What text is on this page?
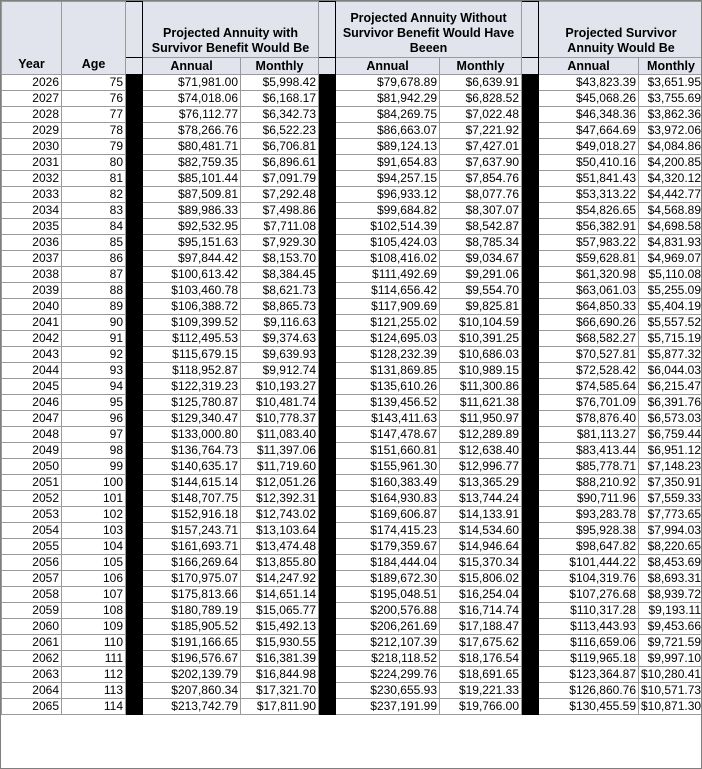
Year	Age		Projected Annuity with Survivor Benefit Would Be			Projected Annuity Without Survivor Benefit Would Have Beeen			Projected Survivor Annuity Would Be	
			Annual	Monthly		Annual	Monthly		Annual	Monthly
2026	75		$71,981.00	$5,998.42		$79,678.89	$6,639.91		$43,823.39	$3,651.95
2027	76		$74,018.06	$6,168.17		$81,942.29	$6,828.52		$45,068.26	$3,755.69
2028	77		$76,112.77	$6,342.73		$84,269.75	$7,022.48		$46,348.36	$3,862.36
2029	78		$78,266.76	$6,522.23		$86,663.07	$7,221.92		$47,664.69	$3,972.06
2030	79		$80,481.71	$6,706.81		$89,124.13	$7,427.01		$49,018.27	$4,084.86
2031	80		$82,759.35	$6,896.61		$91,654.83	$7,637.90		$50,410.16	$4,200.85
2032	81		$85,101.44	$7,091.79		$94,257.15	$7,854.76		$51,841.43	$4,320.12
2033	82		$87,509.81	$7,292.48		$96,933.12	$8,077.76		$53,313.22	$4,442.77
2034	83		$89,986.33	$7,498.86		$99,684.82	$8,307.07		$54,826.65	$4,568.89
2035	84		$92,532.95	$7,711.08		$102,514.39	$8,542.87		$56,382.91	$4,698.58
2036	85		$95,151.63	$7,929.30		$105,424.03	$8,785.34		$57,983.22	$4,831.93
2037	86		$97,844.42	$8,153.70		$108,416.02	$9,034.67		$59,628.81	$4,969.07
2038	87		$100,613.42	$8,384.45		$111,492.69	$9,291.06		$61,320.98	$5,110.08
2039	88		$103,460.78	$8,621.73		$114,656.42	$9,554.70		$63,061.03	$5,255.09
2040	89		$106,388.72	$8,865.73		$117,909.69	$9,825.81		$64,850.33	$5,404.19
2041	90		$109,399.52	$9,116.63		$121,255.02	$10,104.59		$66,690.26	$5,557.52
2042	91		$112,495.53	$9,374.63		$124,695.03	$10,391.25		$68,582.27	$5,715.19
2043	92		$115,679.15	$9,639.93		$128,232.39	$10,686.03		$70,527.81	$5,877.32
2044	93		$118,952.87	$9,912.74		$131,869.85	$10,989.15		$72,528.42	$6,044.03
2045	94		$122,319.23	$10,193.27		$135,610.26	$11,300.86		$74,585.64	$6,215.47
2046	95		$125,780.87	$10,481.74		$139,456.52	$11,621.38		$76,701.09	$6,391.76
2047	96		$129,340.47	$10,778.37		$143,411.63	$11,950.97		$78,876.40	$6,573.03
2048	97		$133,000.80	$11,083.40		$147,478.67	$12,289.89		$81,113.27	$6,759.44
2049	98		$136,764.73	$11,397.06		$151,660.81	$12,638.40		$83,413.44	$6,951.12
2050	99		$140,635.17	$11,719.60		$155,961.30	$12,996.77		$85,778.71	$7,148.23
2051	100		$144,615.14	$12,051.26		$160,383.49	$13,365.29		$88,210.92	$7,350.91
2052	101		$148,707.75	$12,392.31		$164,930.83	$13,744.24		$90,711.96	$7,559.33
2053	102		$152,916.18	$12,743.02		$169,606.87	$14,133.91		$93,283.78	$7,773.65
2054	103		$157,243.71	$13,103.64		$174,415.23	$14,534.60		$95,928.38	$7,994.03
2055	104		$161,693.71	$13,474.48		$179,359.67	$14,946.64		$98,647.82	$8,220.65
2056	105		$166,269.64	$13,855.80		$184,444.04	$15,370.34		$101,444.22	$8,453.69
2057	106		$170,975.07	$14,247.92		$189,672.30	$15,806.02		$104,319.76	$8,693.31
2058	107		$175,813.66	$14,651.14		$195,048.51	$16,254.04		$107,276.68	$8,939.72
2059	108		$180,789.19	$15,065.77		$200,576.88	$16,714.74		$110,317.28	$9,193.11
2060	109		$185,905.52	$15,492.13		$206,261.69	$17,188.47		$113,443.93	$9,453.66
2061	110		$191,166.65	$15,930.55		$212,107.39	$17,675.62		$116,659.06	$9,721.59
2062	111		$196,576.67	$16,381.39		$218,118.52	$18,176.54		$119,965.18	$9,997.10
2063	112		$202,139.79	$16,844.98		$224,299.76	$18,691.65		$123,364.87	$10,280.41
2064	113		$207,860.34	$17,321.70		$230,655.93	$19,221.33		$126,860.76	$10,571.73
2065	114		$213,742.79	$17,811.90		$237,191.99	$19,766.00		$130,455.59	$10,871.30
